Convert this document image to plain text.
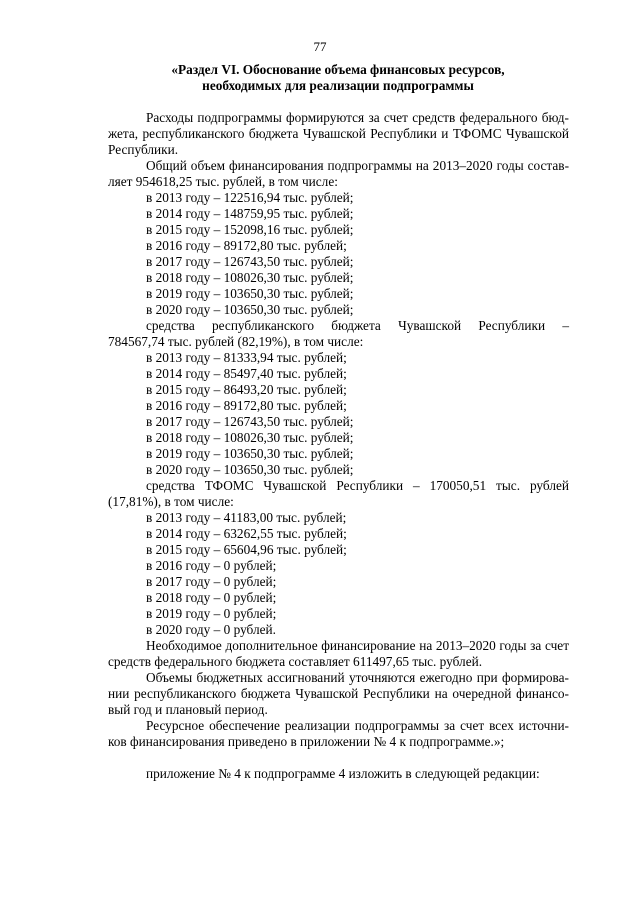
77
«Раздел VI. Обоснование объема финансовых ресурсов,
необходимых для реализации подпрограммы
Расходы подпрограммы формируются за счет средств федерального бюд-
жета, республиканского бюджета Чувашской Республики и ТФОМС Чувашской
Республики.
Общий объем финансирования подпрограммы на 2013–2020 годы состав-
ляет 954618,25 тыс. рублей, в том числе:
в 2013 году – 122516,94 тыс. рублей;
в 2014 году – 148759,95 тыс. рублей;
в 2015 году – 152098,16 тыс. рублей;
в 2016 году – 89172,80 тыс. рублей;
в 2017 году – 126743,50 тыс. рублей;
в 2018 году – 108026,30 тыс. рублей;
в 2019 году – 103650,30 тыс. рублей;
в 2020 году – 103650,30 тыс. рублей;
средства республиканского бюджета Чувашской Республики –
784567,74 тыс. рублей (82,19%), в том числе:
в 2013 году – 81333,94 тыс. рублей;
в 2014 году – 85497,40 тыс. рублей;
в 2015 году – 86493,20 тыс. рублей;
в 2016 году – 89172,80 тыс. рублей;
в 2017 году – 126743,50 тыс. рублей;
в 2018 году – 108026,30 тыс. рублей;
в 2019 году – 103650,30 тыс. рублей;
в 2020 году – 103650,30 тыс. рублей;
средства ТФОМС Чувашской Республики – 170050,51 тыс. рублей
(17,81%), в том числе:
в 2013 году – 41183,00 тыс. рублей;
в 2014 году – 63262,55 тыс. рублей;
в 2015 году – 65604,96 тыс. рублей;
в 2016 году – 0 рублей;
в 2017 году – 0 рублей;
в 2018 году – 0 рублей;
в 2019 году – 0 рублей;
в 2020 году – 0 рублей.
Необходимое дополнительное финансирование на 2013–2020 годы за счет
средств федерального бюджета составляет 611497,65 тыс. рублей.
Объемы бюджетных ассигнований уточняются ежегодно при формирова-
нии республиканского бюджета Чувашской Республики на очередной финансо-
вый год и плановый период.
Ресурсное обеспечение реализации подпрограммы за счет всех источни-
ков финансирования приведено в приложении № 4 к подпрограмме.»;
приложение № 4 к подпрограмме 4 изложить в следующей редакции:
